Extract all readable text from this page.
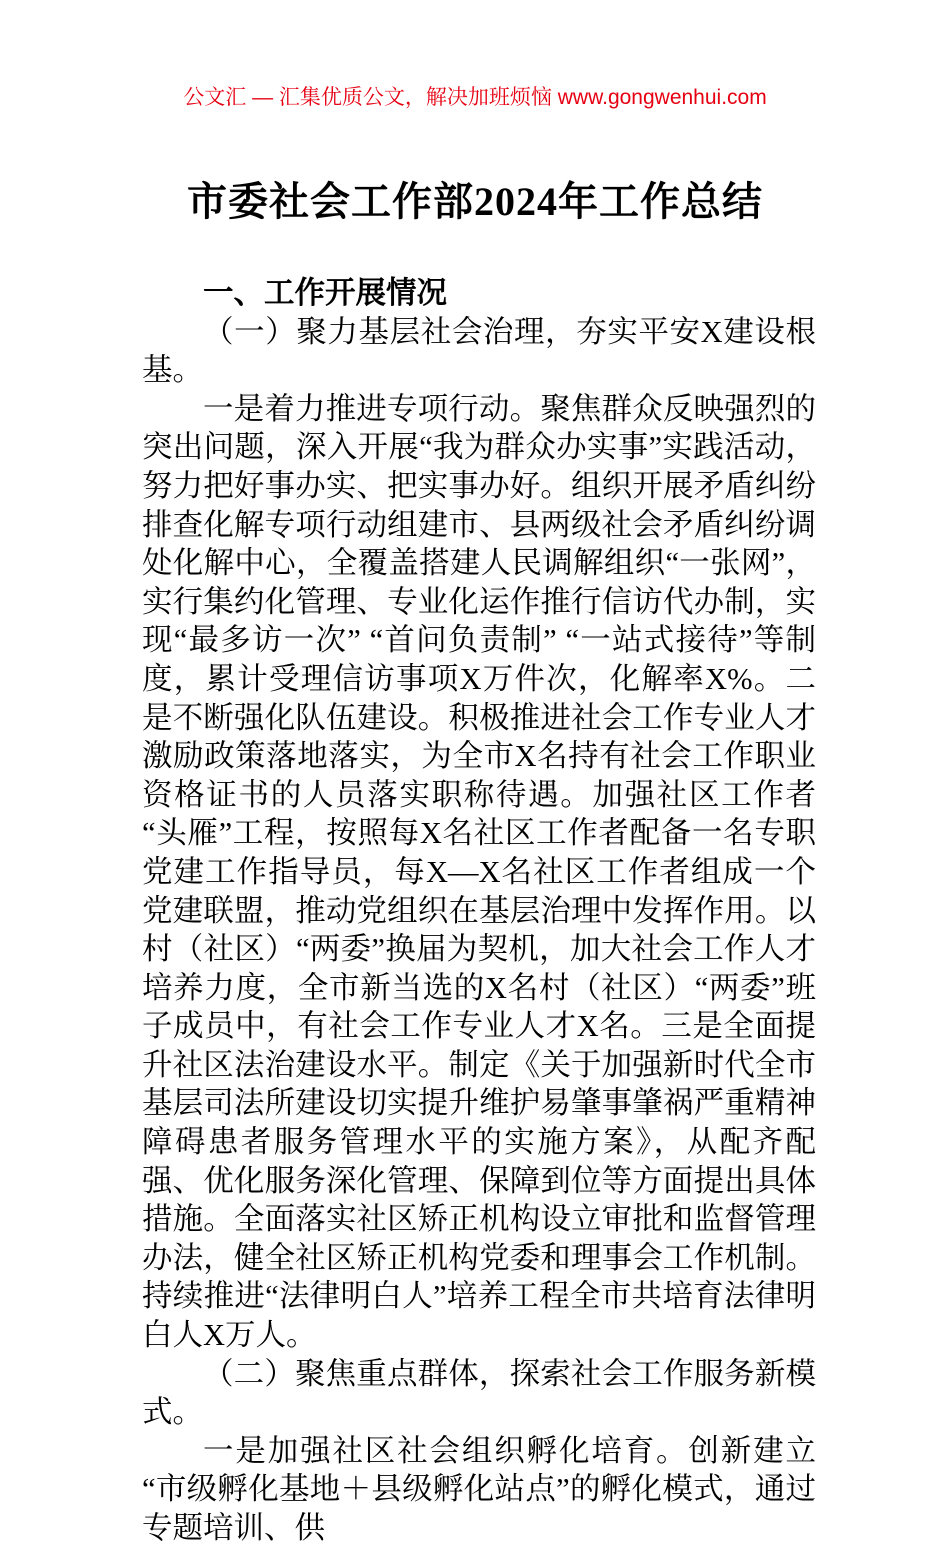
公文汇 — 汇集优质公文，解决加班烦恼 www.gongwenhui.com
市委社会工作部2024年工作总结

一、工作开展情况

（一）聚力基层社会治理，夯实平安X建设根基。

一是着力推进专项行动。聚焦群众反映强烈的突出问题，深入开展“我为群众办实事”实践活动，努力把好事办实、把实事办好。组织开展矛盾纠纷排查化解专项行动组建市、县两级社会矛盾纠纷调处化解中心，全覆盖搭建人民调解组织“一张网”，实行集约化管理、专业化运作推行信访代办制，实现“最多访一次” “首问负责制” “一站式接待”等制度，累计受理信访事项X万件次，化解率X%。二是不断强化队伍建设。积极推进社会工作专业人才激励政策落地落实，为全市X名持有社会工作职业资格证书的人员落实职称待遇。加强社区工作者“头雁”工程，按照每X名社区工作者配备一名专职党建工作指导员，每X—X名社区工作者组成一个党建联盟，推动党组织在基层治理中发挥作用。以村（社区）“两委”换届为契机，加大社会工作人才培养力度，全市新当选的X名村（社区）“两委”班子成员中，有社会工作专业人才X名。三是全面提升社区法治建设水平。制定《关于加强新时代全市基层司法所建设切实提升维护易肇事肇祸严重精神障碍患者服务管理水平的实施方案》，从配齐配强、优化服务深化管理、保障到位等方面提出具体措施。全面落实社区矫正机构设立审批和监督管理办法，健全社区矫正机构党委和理事会工作机制。持续推进“法律明白人”培养工程全市共培育法律明白人X万人。

（二）聚焦重点群体，探索社会工作服务新模式。

一是加强社区社会组织孵化培育。创新建立“市级孵化基地＋县级孵化站点”的孵化模式，通过专题培训、供
